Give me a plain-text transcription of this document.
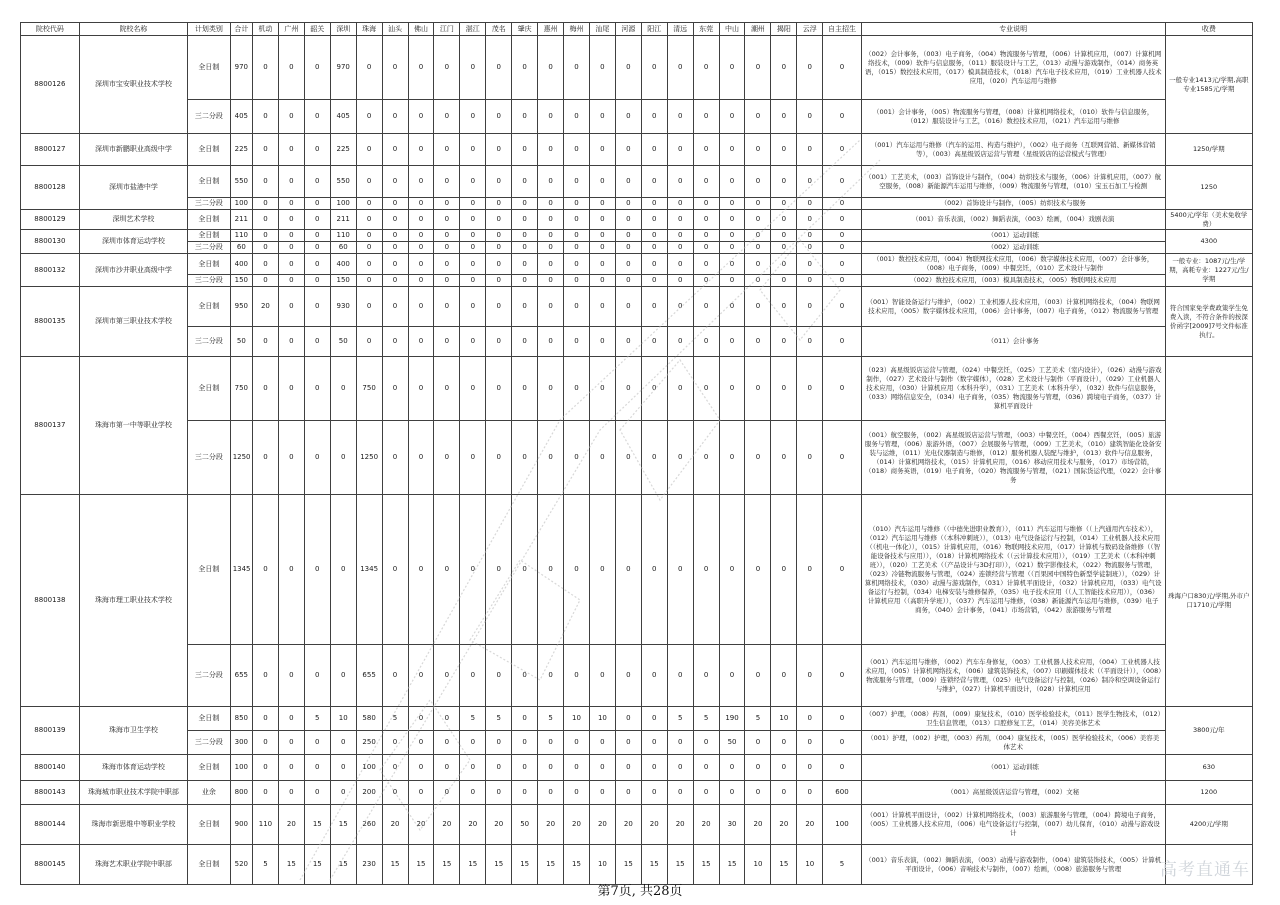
院校代码	院校名称	计划类别	合计	机动	广州	韶关	深圳	珠海	汕头	佛山	江门	湛江	茂名	肇庆	惠州	梅州	汕尾	河源	阳江	清远	东莞	中山	潮州	揭阳	云浮	自主招生	专业说明	收费
8800126	深圳市宝安职业技术学校	全日制	970	0	0	0	970	0	0	0	0	0	0	0	0	0	0	0	0	0	0	0	0	0	0	0	（002）会计事务，（003）电子商务，（004）物流服务与管理，（006）计算机应用，（007）计算机网络技术，（009）软件与信息服务，（011）服装设计与工艺，（013）动漫与游戏制作，（014）商务英语，（015）数控技术应用，（017）模具制造技术，（018）汽车电子技术应用，（019）工业机器人技术应用，（020）汽车运用与维修	一般专业1413元/学期,高职专业1585元/学期
		三二分段	405	0	0	0	405	0	0	0	0	0	0	0	0	0	0	0	0	0	0	0	0	0	0	0	（001）会计事务，（005）物流服务与管理，（008）计算机网络技术，（010）软件与信息服务，（012）服装设计与工艺，（016）数控技术应用，（021）汽车运用与维修	
8800127	深圳市新鹏职业高级中学	全日制	225	0	0	0	225	0	0	0	0	0	0	0	0	0	0	0	0	0	0	0	0	0	0	0	（001）汽车运用与维修（汽车的运用、构造与维护），（002）电子商务（互联网营销、新媒体营销等），（003）高星级饭店运营与管理（星级饭店的运营模式与管理）	1250/学期
8800128	深圳市盐港中学	全日制	550	0	0	0	550	0	0	0	0	0	0	0	0	0	0	0	0	0	0	0	0	0	0	0	（001）工艺美术，（003）首饰设计与制作，（004）纺织技术与服务，（006）计算机应用，（007）航空服务，（008）新能源汽车运用与维修，（009）物流服务与管理，（010）宝玉石加工与检测	1250
		三二分段	100	0	0	0	100	0	0	0	0	0	0	0	0	0	0	0	0	0	0	0	0	0	0	0	（002）首饰设计与制作，（005）纺织技术与服务	
8800129	深圳艺术学校	全日制	211	0	0	0	211	0	0	0	0	0	0	0	0	0	0	0	0	0	0	0	0	0	0	0	（001）音乐表演，（002）舞蹈表演，（003）绘画，（004）戏剧表演	5400元/学年（美术免收学费）
8800130	深圳市体育运动学校	全日制	110	0	0	0	110	0	0	0	0	0	0	0	0	0	0	0	0	0	0	0	0	0	0	0	（001）运动训练	4300
		三二分段	60	0	0	0	60	0	0	0	0	0	0	0	0	0	0	0	0	0	0	0	0	0	0	0	（002）运动训练	
8800132	深圳市沙井职业高级中学	全日制	400	0	0	0	400	0	0	0	0	0	0	0	0	0	0	0	0	0	0	0	0	0	0	0	（001）数控技术应用，（004）物联网技术应用，（006）数字媒体技术应用，（007）会计事务，（008）电子商务，（009）中餐烹饪，（010）艺术设计与制作	一般专业：1087元/生/学期，高耗专业：1227元/生/学期
		三二分段	150	0	0	0	150	0	0	0	0	0	0	0	0	0	0	0	0	0	0	0	0	0	0	0	（002）数控技术应用，（003）模具制造技术，（005）物联网技术应用	
8800135	深圳市第三职业技术学校	全日制	950	20	0	0	930	0	0	0	0	0	0	0	0	0	0	0	0	0	0	0	0	0	0	0	（001）智能设备运行与维护，（002）工业机器人技术应用，（003）计算机网络技术，（004）物联网技术应用，（005）数字媒体技术应用，（006）会计事务，（007）电子商务，（012）物流服务与管理	符合国家免学费政策学生免费入读，不符合条件的按深价函字[2009]7号文件标准执行。
		三二分段	50	0	0	0	50	0	0	0	0	0	0	0	0	0	0	0	0	0	0	0	0	0	0	0	（011）会计事务	
8800137	珠海市第一中等职业学校	全日制	750	0	0	0	0	750	0	0	0	0	0	0	0	0	0	0	0	0	0	0	0	0	0	0	（023）高星级饭店运营与管理，（024）中餐烹饪，（025）工艺美术（室内设计），（026）动漫与游戏制作，（027）艺术设计与制作（数字媒体），（028）艺术设计与制作（平面设计），（029）工业机器人技术应用，（030）计算机应用（本科升学），（031）工艺美术（本科升学），（032）软件与信息服务，（033）网络信息安全，（034）电子商务，（035）物流服务与管理，（036）跨境电子商务，（037）计算机平面设计	
		三二分段	1250	0	0	0	0	1250	0	0	0	0	0	0	0	0	0	0	0	0	0	0	0	0	0	0	（001）航空服务，（002）高星级饭店运营与管理，（003）中餐烹饪，（004）西餐烹饪，（005）旅游服务与管理，（006）旅游外语，（007）会展服务与管理，（009）工艺美术，（010）建筑智能化设备安装与运维，（011）光电仪器制造与维修，（012）服务机器人装配与维护，（013）软件与信息服务，（014）计算机网络技术，（015）计算机应用，（016）移动应用技术与服务，（017）市场营销，（018）商务英语，（019）电子商务，（020）物流服务与管理，（021）国际货运代理，（022）会计事务	
8800138	珠海市理工职业技术学校	全日制	1345	0	0	0	0	1345	0	0	0	0	0	0	0	0	0	0	0	0	0	0	0	0	0	0	（010）汽车运用与维修（（中德先进职业教育）），（011）汽车运用与维修（（上汽通用汽车技术）），（012）汽车运用与维修（（本科冲刺班）），（013）电气设备运行与控制，（014）工业机器人技术应用（（机电一体化）），（015）计算机应用，（016）物联网技术应用，（017）计算机与数码设备维修（（智能设备技术与应用）），（018）计算机网络技术（（云计算技术应用）），（019）工艺美术（（本科冲刺班）），（020）工艺美术（（产品设计与3D打印）），（021）数字影像技术，（022）物流服务与管理，（023）冷链物流服务与管理，（024）连锁经营与管理（（百果园中国特色新型学徒制班）），（029）计算机网络技术，（030）动漫与游戏制作，（031）计算机平面设计，（032）计算机应用，（033）电气设备运行与控制，（034）电梯安装与维修保养，（035）电子技术应用（（人工智能技术应用）），（036）计算机应用（（高职升学班）），（037）汽车运用与维修，（038）新能源汽车运用与维修，（039）电子商务，（040）会计事务，（041）市场营销，（042）旅游服务与管理	珠海户口830元/学期,外市户口1710元/学期
		三二分段	655	0	0	0	0	655	0	0	0	0	0	0	0	0	0	0	0	0	0	0	0	0	0	0	（001）汽车运用与维修，（002）汽车车身修复，（003）工业机器人技术应用，（004）工业机器人技术应用，（005）计算机网络技术，（006）建筑装饰技术，（007）印刷媒体技术（（平面设计）），（008）物流服务与管理，（009）连锁经营与管理，（025）电气设备运行与控制，（026）制冷和空调设备运行与维护，（027）计算机平面设计，（028）计算机应用	
8800139	珠海市卫生学校	全日制	850	0	0	5	10	580	5	0	0	5	5	0	5	10	10	0	0	5	5	190	5	10	0	0	（007）护理，（008）药剂，（009）康复技术，（010）医学检验技术，（011）医学生物技术，（012）卫生信息管理，（013）口腔修复工艺，（014）美容美体艺术	3800元/年
		三二分段	300	0	0	0	0	250	0	0	0	0	0	0	0	0	0	0	0	0	0	50	0	0	0	0	（001）护理，（002）护理，（003）药剂，（004）康复技术，（005）医学检验技术，（006）美容美体艺术	
8800140	珠海市体育运动学校	全日制	100	0	0	0	0	100	0	0	0	0	0	0	0	0	0	0	0	0	0	0	0	0	0	0	（001）运动训练	630
8800143	珠海城市职业技术学院中职部	业余	800	0	0	0	0	200	0	0	0	0	0	0	0	0	0	0	0	0	0	0	0	0	0	600	（001）高星级饭店运营与管理，（002）文秘	1200
8800144	珠海市新思维中等职业学校	全日制	900	110	20	15	15	260	20	20	20	20	20	50	20	20	20	20	20	20	20	30	20	20	20	100	（001）计算机平面设计，（002）计算机网络技术，（003）旅游服务与管理，（004）跨境电子商务，（005）工业机器人技术应用，（006）电气设备运行与控制，（007）幼儿保育，（010）动漫与游戏设计	4200元/学期
8800145	珠海艺术职业学院中职部	全日制	520	5	15	15	15	230	15	15	15	15	15	15	15	15	10	15	15	15	15	15	10	15	10	5	（001）音乐表演，（002）舞蹈表演，（003）动漫与游戏制作，（004）建筑装饰技术，（005）计算机平面设计，（006）音响技术与制作，（007）绘画，（008）旅游服务与管理	
第7页, 共28页
高考直通车
